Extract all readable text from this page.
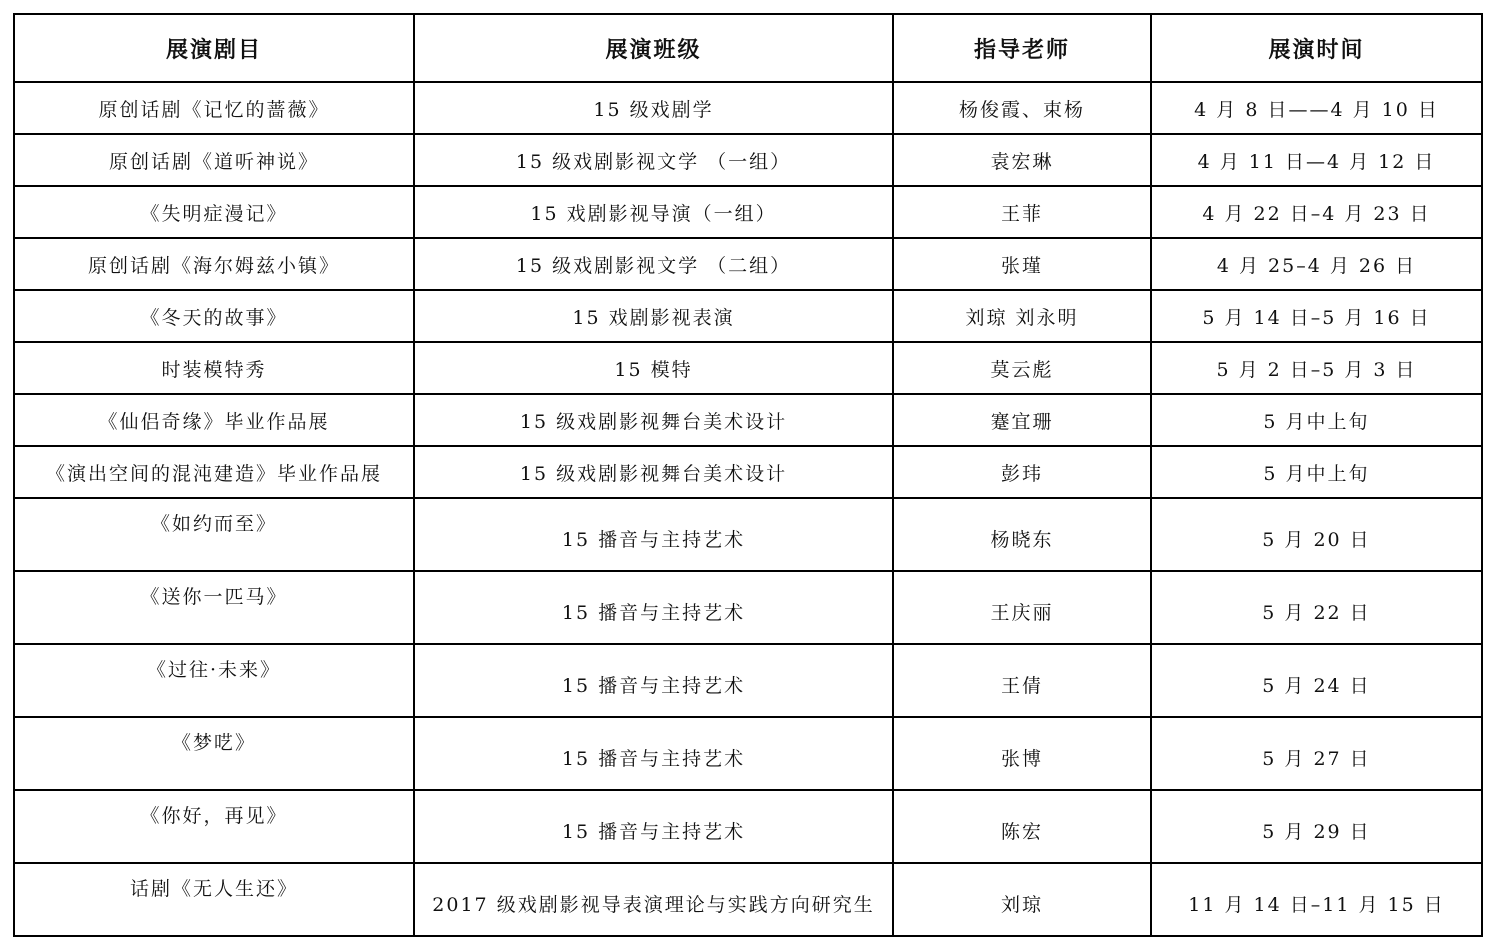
展演剧目	展演班级	指导老师	展演时间
原创话剧《记忆的蔷薇》	15 级戏剧学	杨俊霞、束杨	4 月 8 日——4 月 10 日
原创话剧《道听神说》	15 级戏剧影视文学 （一组）	袁宏琳	4 月 11 日—4 月 12 日
《失明症漫记》	15 戏剧影视导演（一组）	王菲	4 月 22 日–4 月 23 日
原创话剧《海尔姆兹小镇》	15 级戏剧影视文学 （二组）	张瑾	4 月 25–4 月 26 日
《冬天的故事》	15 戏剧影视表演	刘琼 刘永明	5 月 14 日–5 月 16 日
时装模特秀	15 模特	莫云彪	5 月 2 日–5 月 3 日
《仙侣奇缘》毕业作品展	15 级戏剧影视舞台美术设计	蹇宜珊	5 月中上旬
《演出空间的混沌建造》毕业作品展	15 级戏剧影视舞台美术设计	彭玮	5 月中上旬
《如约而至》	15 播音与主持艺术	杨晓东	5 月 20 日
《送你一匹马》	15 播音与主持艺术	王庆丽	5 月 22 日
《过往·未来》	15 播音与主持艺术	王倩	5 月 24 日
《梦呓》	15 播音与主持艺术	张博	5 月 27 日
《你好，再见》	15 播音与主持艺术	陈宏	5 月 29 日
话剧《无人生还》	2017 级戏剧影视导表演理论与实践方向研究生	刘琼	11 月 14 日–11 月 15 日
